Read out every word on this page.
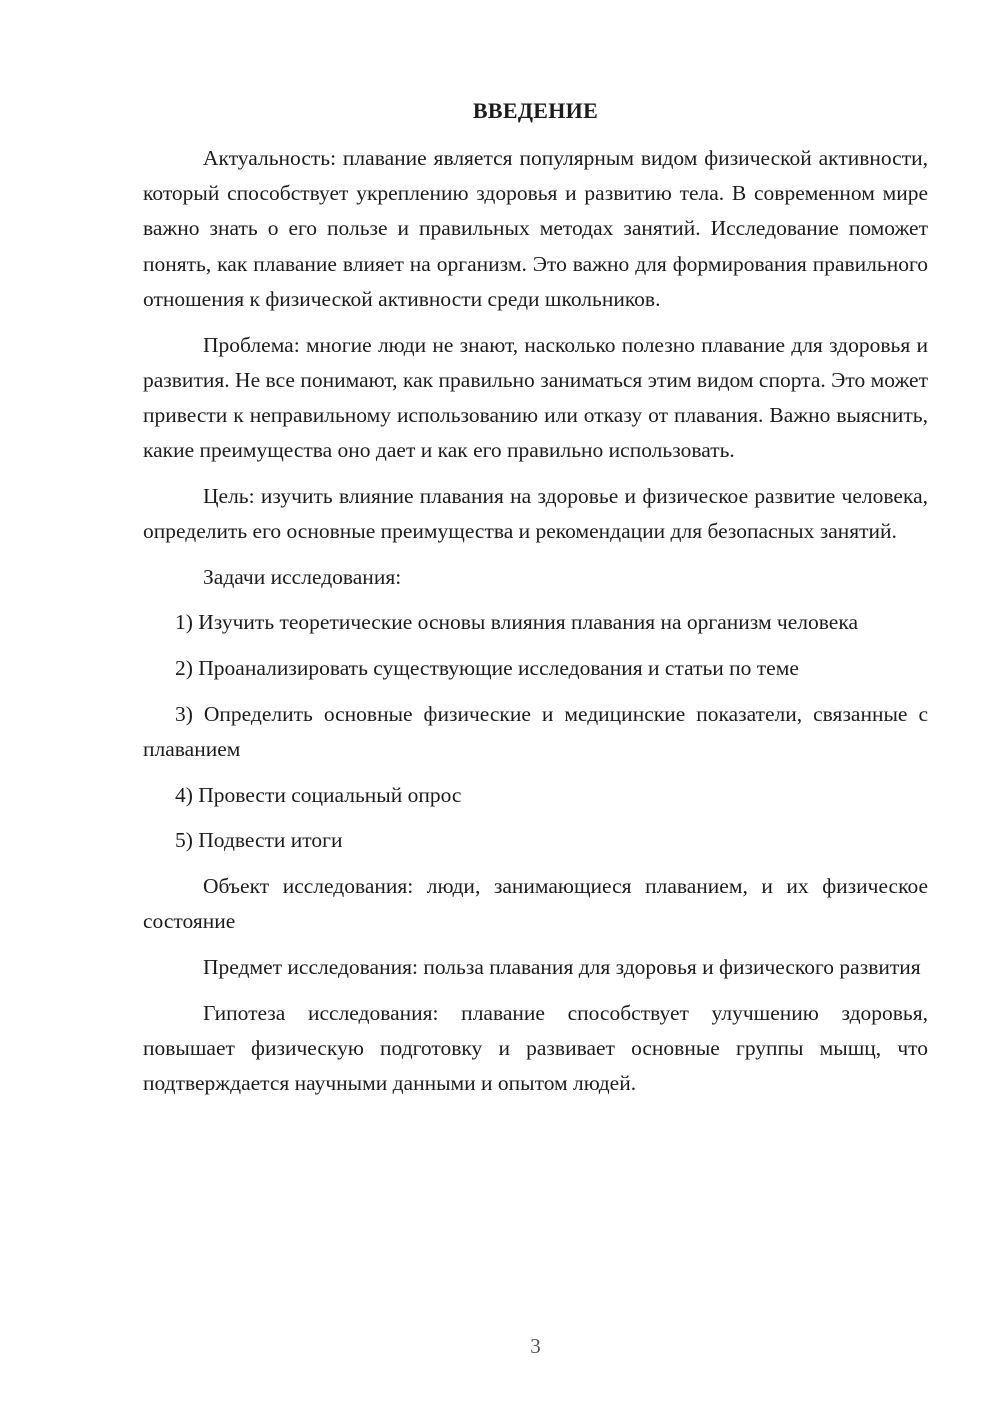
ВВЕДЕНИЕ

Актуальность: плавание является популярным видом физической активности, который способствует укреплению здоровья и развитию тела. В современном мире важно знать о его пользе и правильных методах занятий. Исследование поможет понять, как плавание влияет на организм. Это важно для формирования правильного отношения к физической активности среди школьников.

Проблема: многие люди не знают, насколько полезно плавание для здоровья и развития. Не все понимают, как правильно заниматься этим видом спорта. Это может привести к неправильному использованию или отказу от плавания. Важно выяснить, какие преимущества оно дает и как его правильно использовать.

Цель: изучить влияние плавания на здоровье и физическое развитие человека, определить его основные преимущества и рекомендации для безопасных занятий.

Задачи исследования:

1) Изучить теоретические основы влияния плавания на организм человека

2) Проанализировать существующие исследования и статьи по теме

3) Определить основные физические и медицинские показатели, связанные с плаванием

4) Провести социальный опрос

5) Подвести итоги

Объект исследования: люди, занимающиеся плаванием, и их физическое состояние

Предмет исследования: польза плавания для здоровья и физического развития

Гипотеза исследования: плавание способствует улучшению здоровья, повышает физическую подготовку и развивает основные группы мышц, что подтверждается научными данными и опытом людей.

3
